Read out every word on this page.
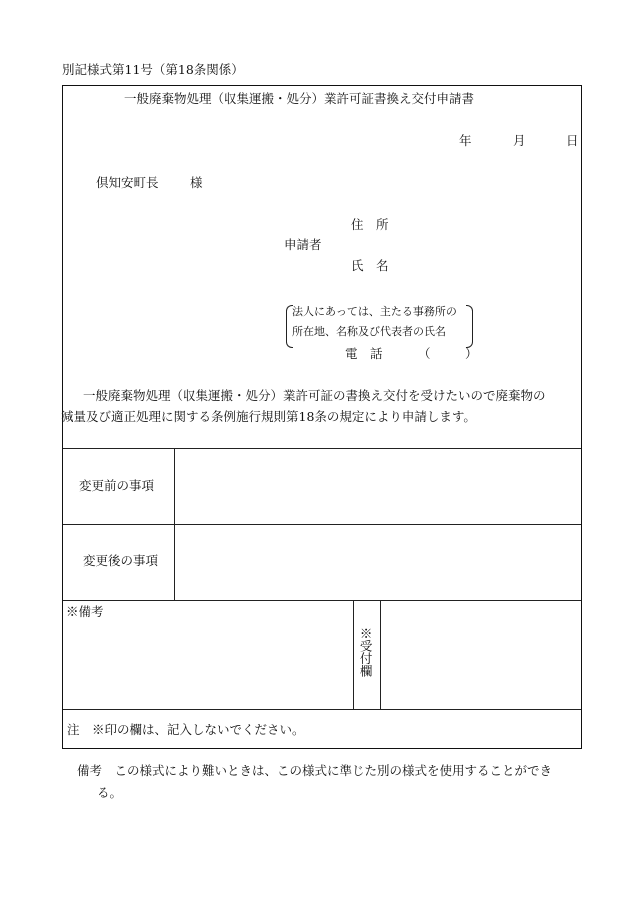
別記様式第11号（第18条関係）
一般廃棄物処理（収集運搬・処分）業許可証書換え交付申請書
年	月	日
倶知安町長	様
住　所
申請者
氏　名
法人にあっては、主たる事務所の
所在地、名称及び代表者の氏名
電　話	（	）
一般廃棄物処理（収集運搬・処分）業許可証の書換え交付を受けたいので廃棄物の
減量及び適正処理に関する条例施行規則第18条の規定により申請します。
変更前の事項
変更後の事項
※備考
※受付欄
注　※印の欄は、記入しないでください。
備考　この様式により難いときは、この様式に準じた別の様式を使用することができ
る。
